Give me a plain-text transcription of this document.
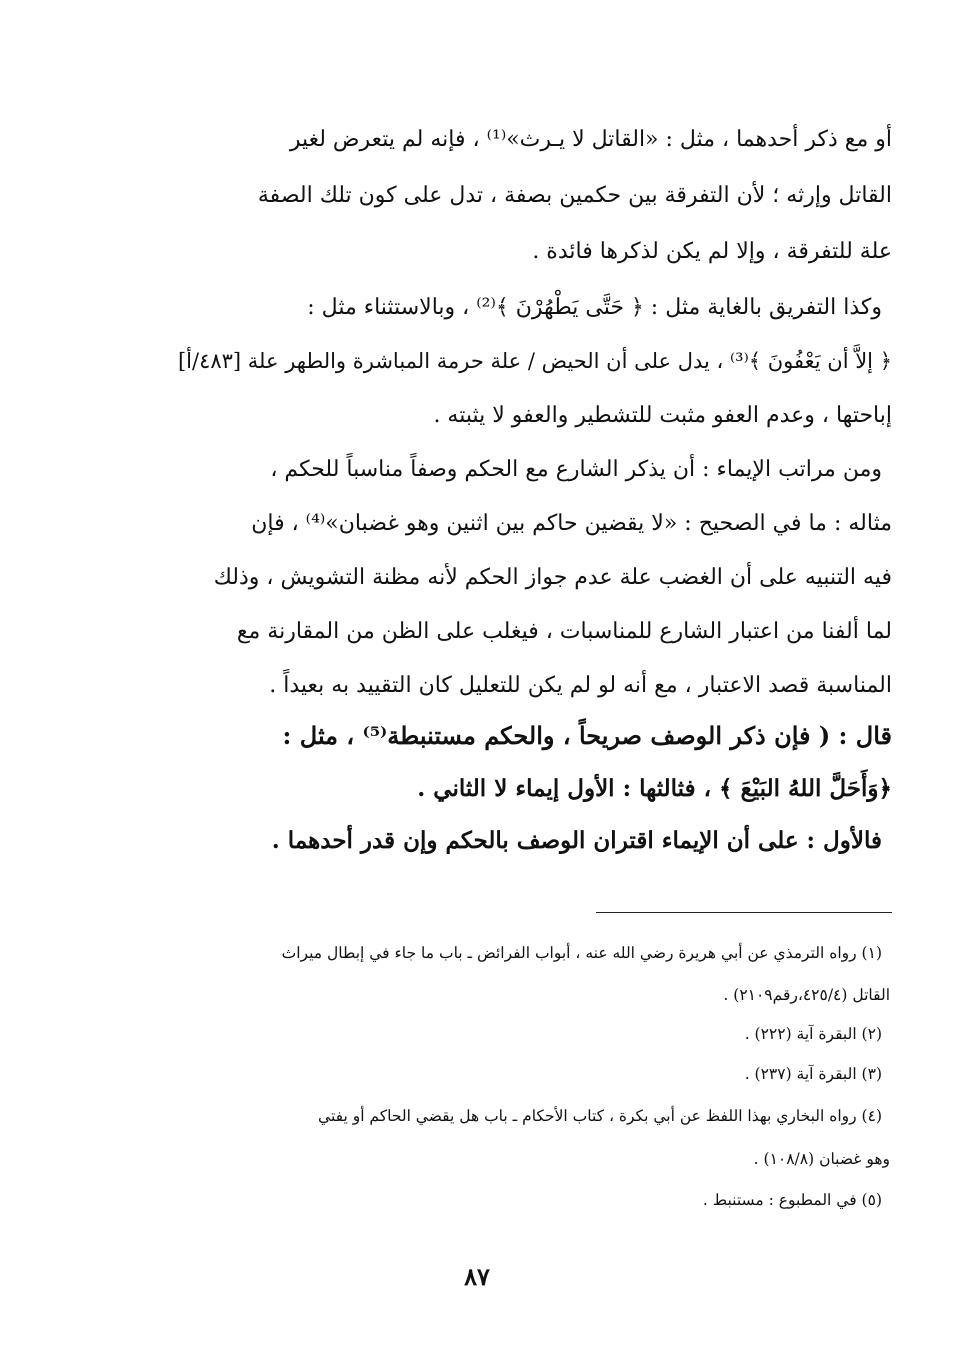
أو مع ذكر أحدهما ، مثل : «القاتل لا يـرث»⁽¹⁾ ، فإنه لم يتعرض لغير
القاتل وإرثه ؛ لأن التفرقة بين حكمين بصفة ، تدل على كون تلك الصفة
علة للتفرقة ، وإلا لم يكن لذكرها فائدة .
وكذا التفريق بالغاية مثل : ﴿ حَتَّى يَطْهُرْنَ ﴾⁽²⁾ ، وبالاستثناء مثل :
﴿ إلاَّ أن يَعْفُونَ ﴾⁽³⁾ ، يدل على أن الحيض / علة حرمة المباشرة والطهر علة [٤٨٣/أ]
إباحتها ، وعدم العفو مثبت للتشطير والعفو لا يثبته .
ومن مراتب الإيماء : أن يذكر الشارع مع الحكم وصفاً مناسباً للحكم ،
مثاله : ما في الصحيح : «لا يقضين حاكم بين اثنين وهو غضبان»⁽⁴⁾ ، فإن
فيه التنبيه على أن الغضب علة عدم جواز الحكم لأنه مظنة التشويش ، وذلك
لما ألفنا من اعتبار الشارع للمناسبات ، فيغلب على الظن من المقارنة مع
المناسبة قصد الاعتبار ، مع أنه لو لم يكن للتعليل كان التقييد به بعيداً .
قال : ( فإن ذكر الوصف صريحاً ، والحكم مستنبطة⁽⁵⁾ ، مثل :
﴿وَأَحَلَّ اللهُ البَيْعَ ﴾ ، فثالثها : الأول إيماء لا الثاني .
فالأول : على أن الإيماء اقتران الوصف بالحكم وإن قدر أحدهما .
(١) رواه الترمذي عن أبي هريرة رضي الله عنه ، أبواب الفرائض ـ باب ما جاء في إبطال ميراث
القاتل (٤٢٥/٤،رقم٢١٠٩) .
(٢) البقرة آية (٢٢٢) .
(٣) البقرة آية (٢٣٧) .
(٤) رواه البخاري بهذا اللفظ عن أبي بكرة ، كتاب الأحكام ـ باب هل يقضي الحاكم أو يفتي
وهو غضبان (١٠٨/٨) .
(٥) في المطبوع : مستنبط .
٨٧
